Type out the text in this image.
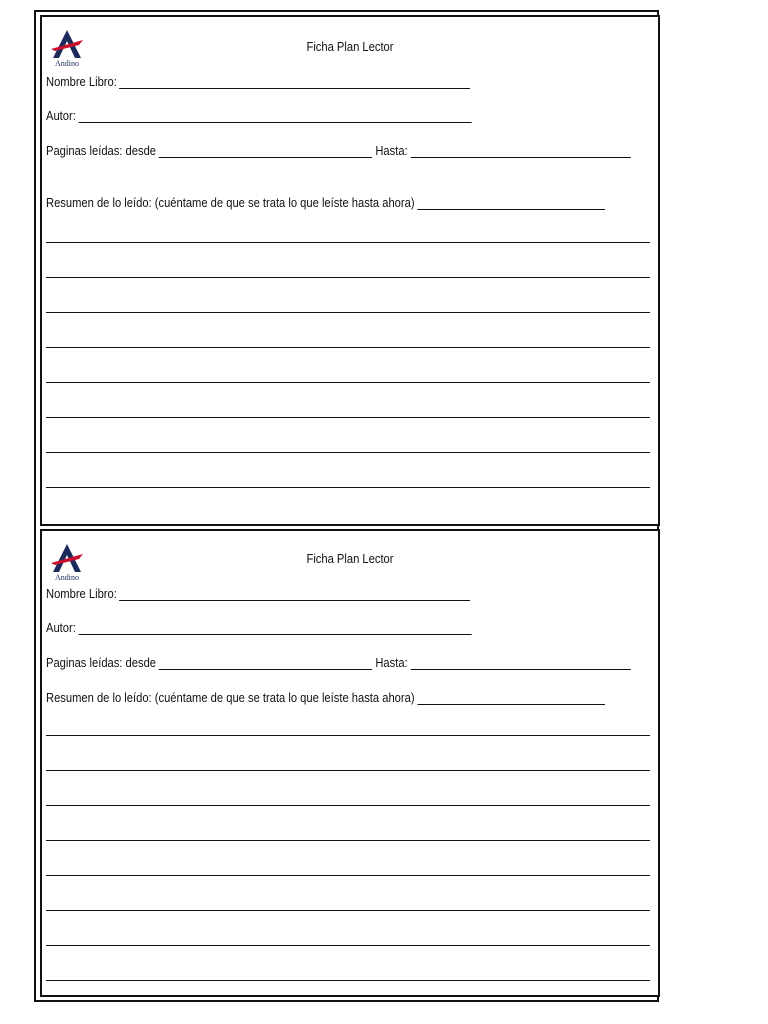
Andino
Ficha Plan Lector
Nombre Libro:
Autor:
Paginas leídas: desde	Hasta:
Resumen de lo leído: (cuéntame de que se trata lo que leíste hasta ahora)
Andino
Ficha Plan Lector
Nombre Libro:
Autor:
Paginas leídas: desde	Hasta:
Resumen de lo leído: (cuéntame de que se trata lo que leíste hasta ahora)
